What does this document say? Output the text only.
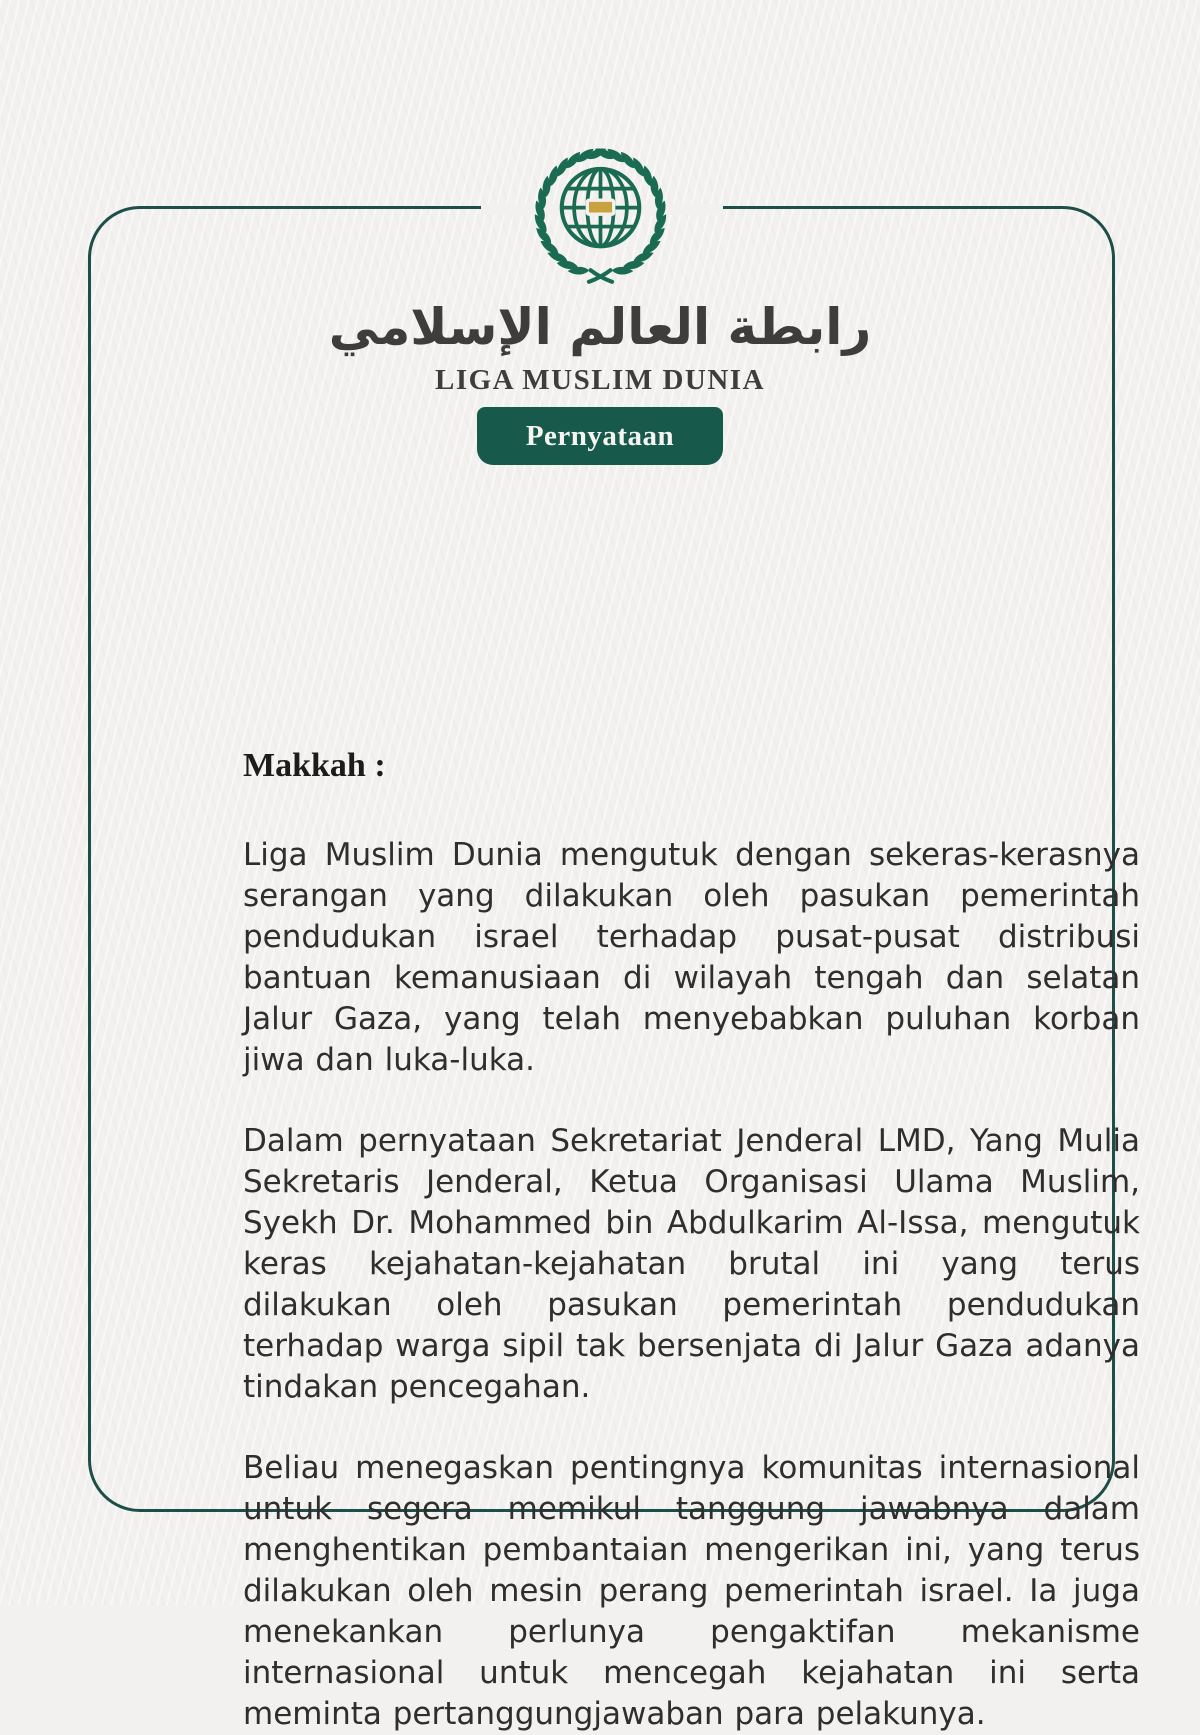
Makkah :

Liga Muslim Dunia mengutuk dengan sekeras-kerasnya serangan yang dilakukan oleh pasukan pemerintah pendudukan israel terhadap pusat-pusat distribusi bantuan kemanusiaan di wilayah tengah dan selatan Jalur Gaza, yang telah menyebabkan puluhan korban jiwa dan luka-luka.

Dalam pernyataan Sekretariat Jenderal LMD, Yang Mulia Sekretaris Jenderal, Ketua Organisasi Ulama Muslim, Syekh Dr. Mohammed bin Abdulkarim Al-Issa, mengutuk keras kejahatan-kejahatan brutal ini yang terus dilakukan oleh pasukan pemerintah pendudukan terhadap warga sipil tak bersenjata di Jalur Gaza adanya tindakan pencegahan.

Beliau menegaskan pentingnya komunitas internasional untuk segera memikul tanggung jawabnya dalam menghentikan pembantaian mengerikan ini, yang terus dilakukan oleh mesin perang pemerintah israel. Ia juga menekankan perlunya pengaktifan mekanisme internasional untuk mencegah kejahatan ini serta meminta pertanggungjawaban para pelakunya.

رابطة العالم الإسلامي
LIGA MUSLIM DUNIA
Pernyataan
